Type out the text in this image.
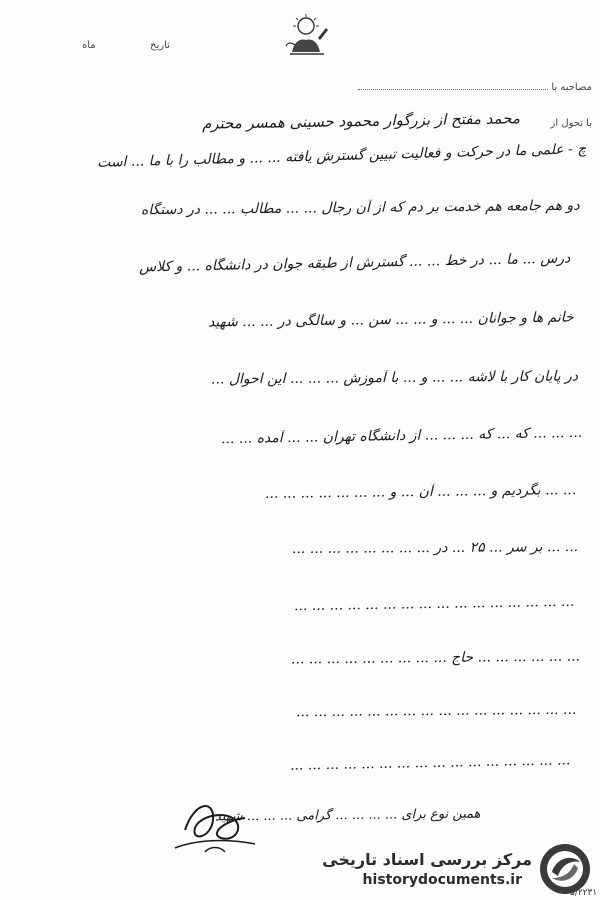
تاریخ
ماه
مصاحبه با
با تحول از
محمد مفتح از بزرگوار محمود حسینی همسر محترم
چ - علمی ما در حرکت و فعالیت تبیین گسترش یافته ... ... و مطالب را با ما ... است
دو هم جامعه هم خدمت بر دم که از آن رجال ... ... مطالب ... ... در دستگاه
درس ... ما ... در خط ... ... گسترش از طبقه جوان در دانشگاه ... و کلاس
خانم ها و جوانان ... ... و ... ... سن ... و سالگی در ... ... شهید
در پایان کار با لاشه ... ... و ... با آموزش ... ... ... این احوال ...
... ... ... که ... که ... ... ... از دانشگاه تهران ... ... آمده ... ...
... ... بگردیم و ... ... ... آن ... و ... ... ... ... ... ... ...
... ... بر سر ... ۲۵ ... در ... ... ... ... ... ... ... ...
... ... ... ... ... ... ... ... ... ... ... ... ... ... ... ...
... ... ... ... ... ... حاج ... ... ... ... ... ... ... ... ...
... ... ... ... ... ... ... ... ... ... ... ... ... ... ... ...
... ... ... ... ... ... ... ... ... ... ... ... ... ... ... ...
همین نوع برای ... ... ... ... گرامی ... ... ... شهید
مرکز بررسی اسناد تاریخی
historydocuments.ir
۵/۲۲۳۱
